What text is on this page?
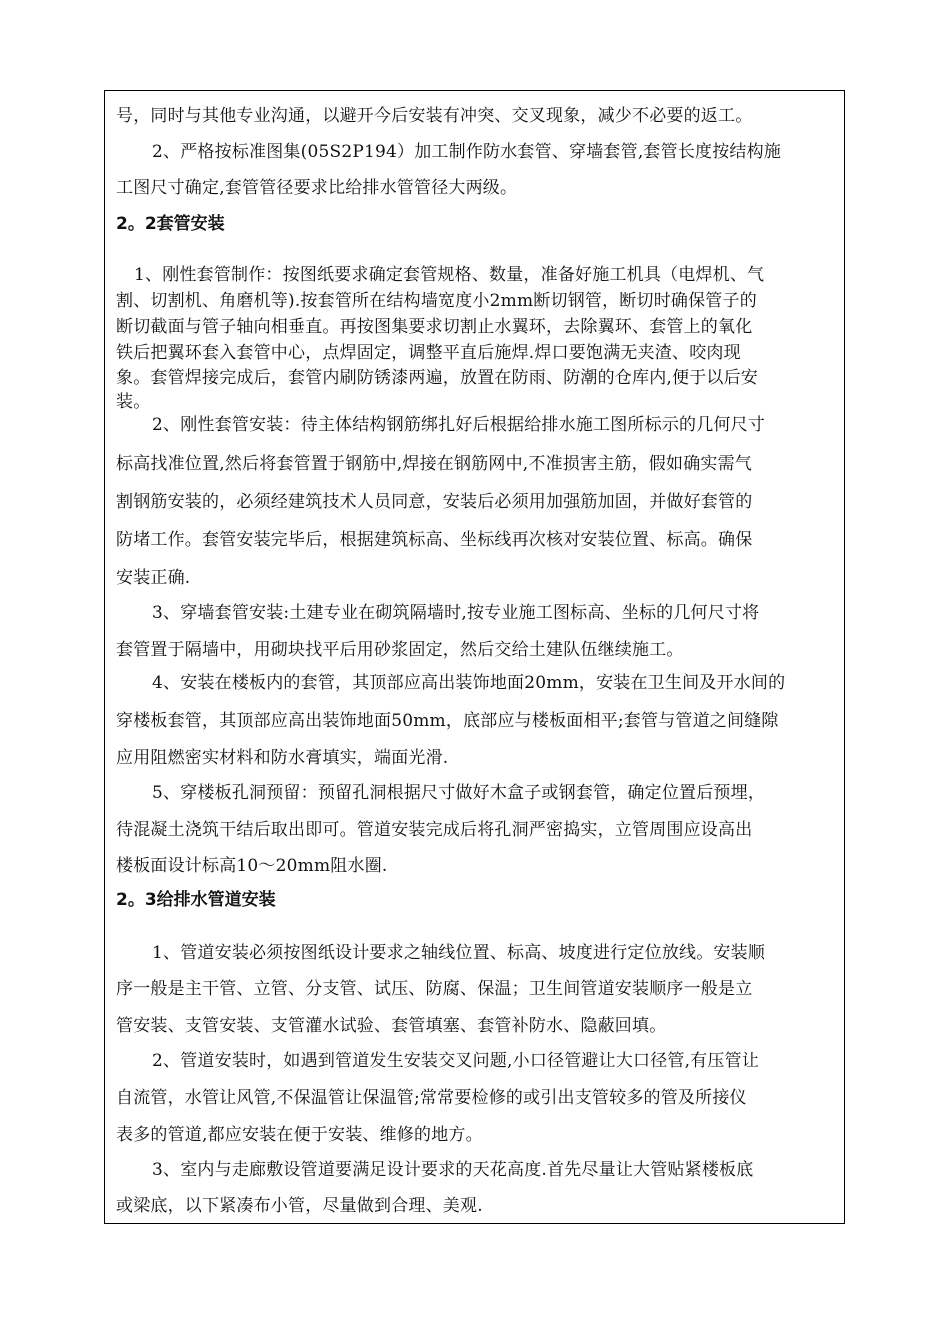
号，同时与其他专业沟通，以避开今后安装有冲突、交叉现象，减少不必要的返工。
2、严格按标准图集(05S2P194）加工制作防水套管、穿墙套管,套管长度按结构施
工图尺寸确定,套管管径要求比给排水管管径大两级。
2。2套管安装
1、刚性套管制作：按图纸要求确定套管规格、数量，准备好施工机具（电焊机、气
割、切割机、角磨机等).按套管所在结构墙宽度小2mm断切钢管，断切时确保管子的
断切截面与管子轴向相垂直。再按图集要求切割止水翼环，去除翼环、套管上的氧化
铁后把翼环套入套管中心，点焊固定，调整平直后施焊.焊口要饱满无夹渣、咬肉现
象。套管焊接完成后，套管内刷防锈漆两遍，放置在防雨、防潮的仓库内,便于以后安
装。
2、刚性套管安装：待主体结构钢筋绑扎好后根据给排水施工图所标示的几何尺寸
标高找准位置,然后将套管置于钢筋中,焊接在钢筋网中,不准损害主筋，假如确实需气
割钢筋安装的，必须经建筑技术人员同意，安装后必须用加强筋加固，并做好套管的
防堵工作。套管安装完毕后，根据建筑标高、坐标线再次核对安装位置、标高。确保
安装正确.
3、穿墙套管安装:土建专业在砌筑隔墙时,按专业施工图标高、坐标的几何尺寸将
套管置于隔墙中，用砌块找平后用砂浆固定，然后交给土建队伍继续施工。
4、安装在楼板内的套管，其顶部应高出装饰地面20mm，安装在卫生间及开水间的
穿楼板套管，其顶部应高出装饰地面50mm，底部应与楼板面相平;套管与管道之间缝隙
应用阻燃密实材料和防水膏填实，端面光滑.
5、穿楼板孔洞预留：预留孔洞根据尺寸做好木盒子或钢套管，确定位置后预埋，
待混凝土浇筑干结后取出即可。管道安装完成后将孔洞严密捣实，立管周围应设高出
楼板面设计标高10～20mm阻水圈.
2。3给排水管道安装
1、管道安装必须按图纸设计要求之轴线位置、标高、坡度进行定位放线。安装顺
序一般是主干管、立管、分支管、试压、防腐、保温；卫生间管道安装顺序一般是立
管安装、支管安装、支管灌水试验、套管填塞、套管补防水、隐蔽回填。
2、管道安装时，如遇到管道发生安装交叉问题,小口径管避让大口径管,有压管让
自流管，水管让风管,不保温管让保温管;常常要检修的或引出支管较多的管及所接仪
表多的管道,都应安装在便于安装、维修的地方。
3、室内与走廊敷设管道要满足设计要求的天花高度.首先尽量让大管贴紧楼板底
或梁底，以下紧凑布小管，尽量做到合理、美观.
